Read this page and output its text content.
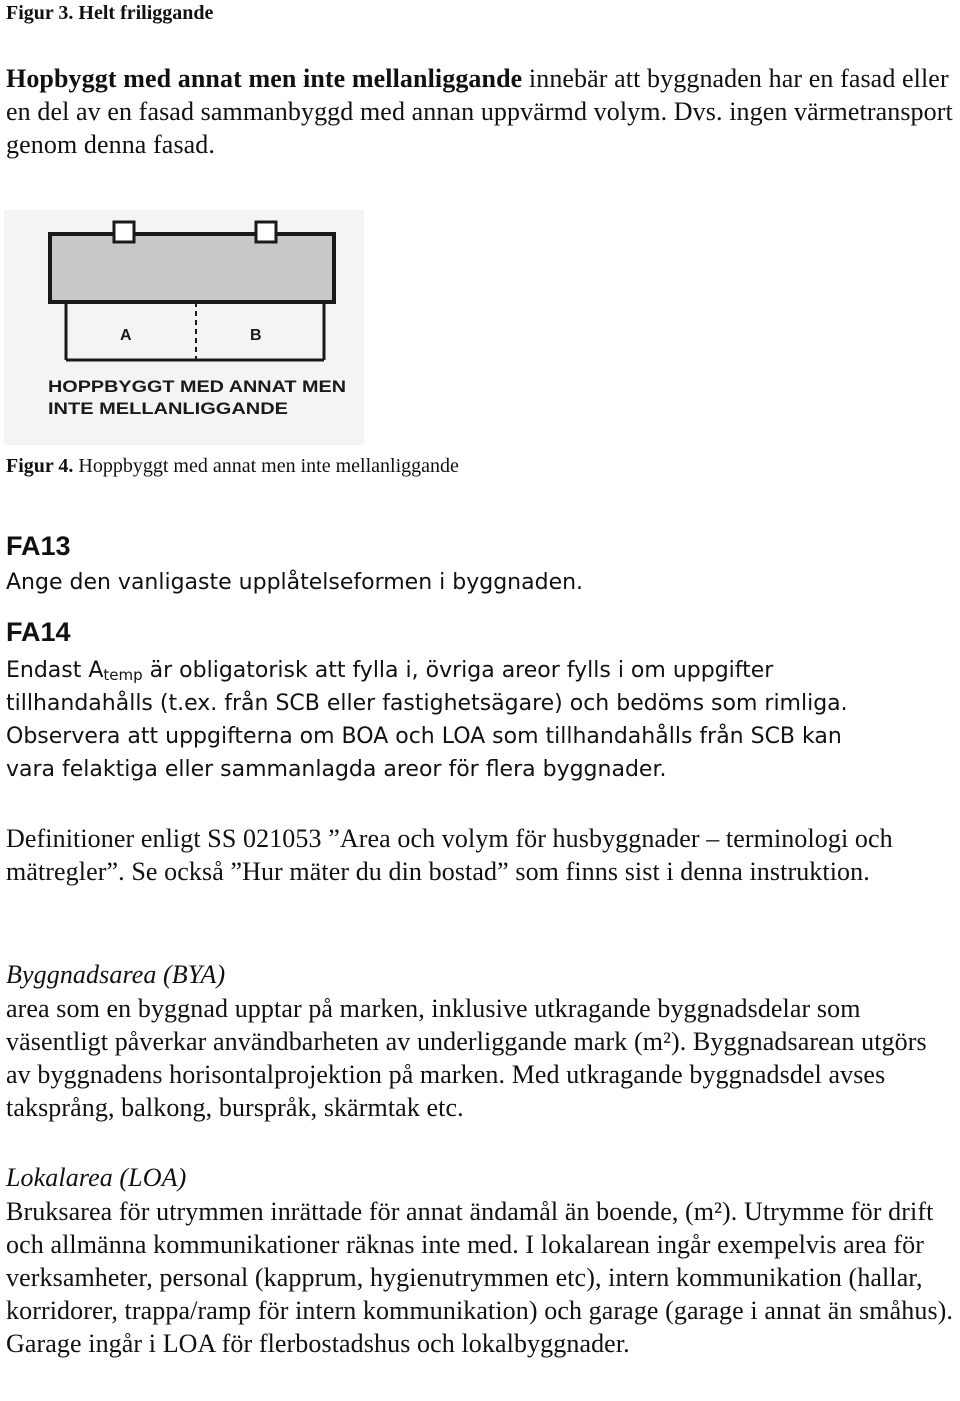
Figur 3. Helt friliggande

Hopbyggt med annat men inte mellanliggande innebär att byggnaden har en fasad eller en del av en fasad sammanbyggd med annan uppvärmd volym. Dvs. ingen värmetransport genom denna fasad.

A	B
HOPPBYGGT MED ANNAT MEN
INTE MELLANLIGGANDE
Figur 4. Hoppbyggt med annat men inte mellanliggande
FA13
Ange den vanligaste upplåtelseformen i byggnaden.
FA14
Endast $A_{temp}$ är obligatorisk att fylla i, övriga areor fylls i om uppgifter
tillhandahålls (t.ex. från SCB eller fastighetsägare) och bedöms som rimliga.
Observera att uppgifterna om BOA och LOA som tillhandahålls från SCB kan
vara felaktiga eller sammanlagda areor för flera byggnader.

Definitioner enligt SS 021053 ”Area och volym för husbyggnader – terminologi och mätregler”. Se också ”Hur mäter du din bostad” som finns sist i denna instruktion.

Byggnadsarea (BYA)

area som en byggnad upptar på marken, inklusive utkragande byggnadsdelar som väsentligt påverkar användbarheten av underliggande mark (m²). Byggnadsarean utgörs av byggnadens horisontalprojektion på marken. Med utkragande byggnadsdel avses taksprång, balkong, burspråk, skärmtak etc.

Lokalarea (LOA)

Bruksarea för utrymmen inrättade för annat ändamål än boende, (m²). Utrymme för drift och allmänna kommunikationer räknas inte med. I lokalarean ingår exempelvis area för verksamheter, personal (kapprum, hygienutrymmen etc), intern kommunikation (hallar, korridorer, trappa/ramp för intern kommunikation) och garage (garage i annat än småhus). Garage ingår i LOA för flerbostadshus och lokalbyggnader.
